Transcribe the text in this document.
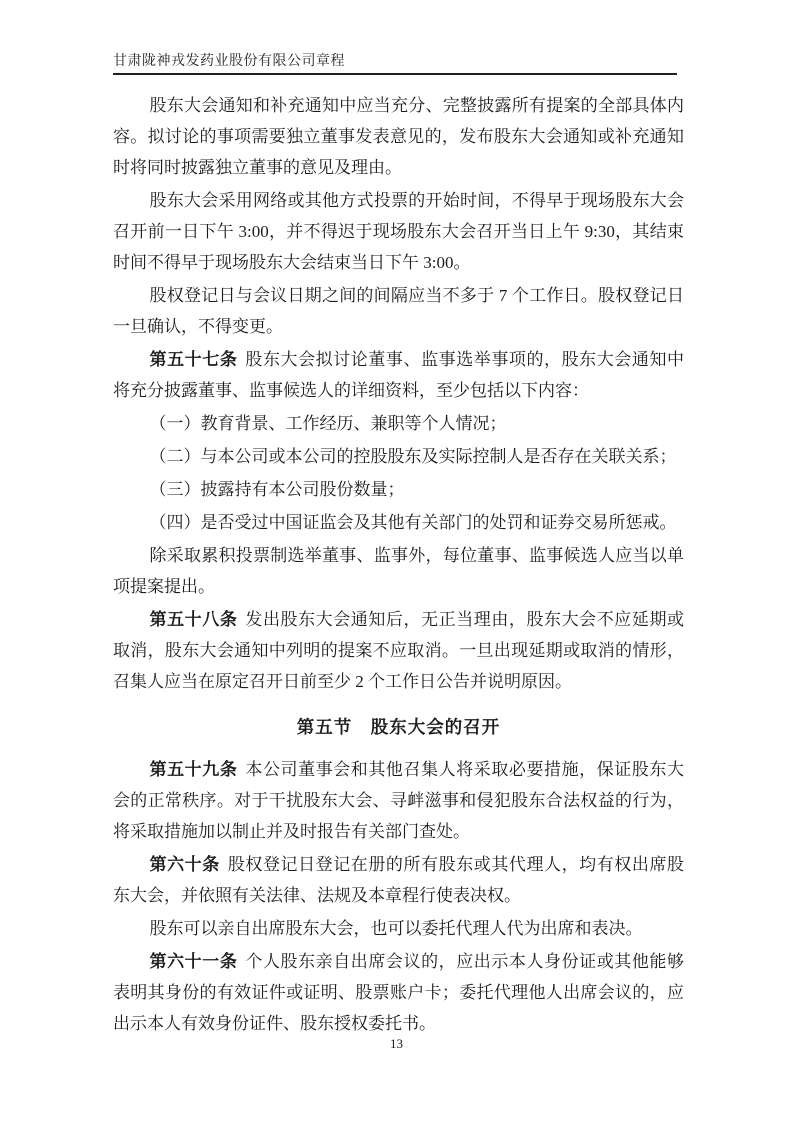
甘肃陇神戎发药业股份有限公司章程

股东大会通知和补充通知中应当充分、完整披露所有提案的全部具体内容。拟讨论的事项需要独立董事发表意见的，发布股东大会通知或补充通知时将同时披露独立董事的意见及理由。

股东大会采用网络或其他方式投票的开始时间，不得早于现场股东大会召开前一日下午 3:00，并不得迟于现场股东大会召开当日上午 9:30，其结束时间不得早于现场股东大会结束当日下午 3:00。

股权登记日与会议日期之间的间隔应当不多于 7 个工作日。股权登记日一旦确认，不得变更。

第五十七条 股东大会拟讨论董事、监事选举事项的，股东大会通知中将充分披露董事、监事候选人的详细资料，至少包括以下内容：

（一）教育背景、工作经历、兼职等个人情况；

（二）与本公司或本公司的控股股东及实际控制人是否存在关联关系；

（三）披露持有本公司股份数量；

（四）是否受过中国证监会及其他有关部门的处罚和证券交易所惩戒。

除采取累积投票制选举董事、监事外，每位董事、监事候选人应当以单项提案提出。

第五十八条 发出股东大会通知后，无正当理由，股东大会不应延期或取消，股东大会通知中列明的提案不应取消。一旦出现延期或取消的情形，召集人应当在原定召开日前至少 2 个工作日公告并说明原因。

第五节　股东大会的召开

第五十九条 本公司董事会和其他召集人将采取必要措施，保证股东大会的正常秩序。对于干扰股东大会、寻衅滋事和侵犯股东合法权益的行为，将采取措施加以制止并及时报告有关部门查处。

第六十条 股权登记日登记在册的所有股东或其代理人，均有权出席股东大会，并依照有关法律、法规及本章程行使表决权。

股东可以亲自出席股东大会，也可以委托代理人代为出席和表决。

第六十一条 个人股东亲自出席会议的，应出示本人身份证或其他能够表明其身份的有效证件或证明、股票账户卡；委托代理他人出席会议的，应出示本人有效身份证件、股东授权委托书。

13
